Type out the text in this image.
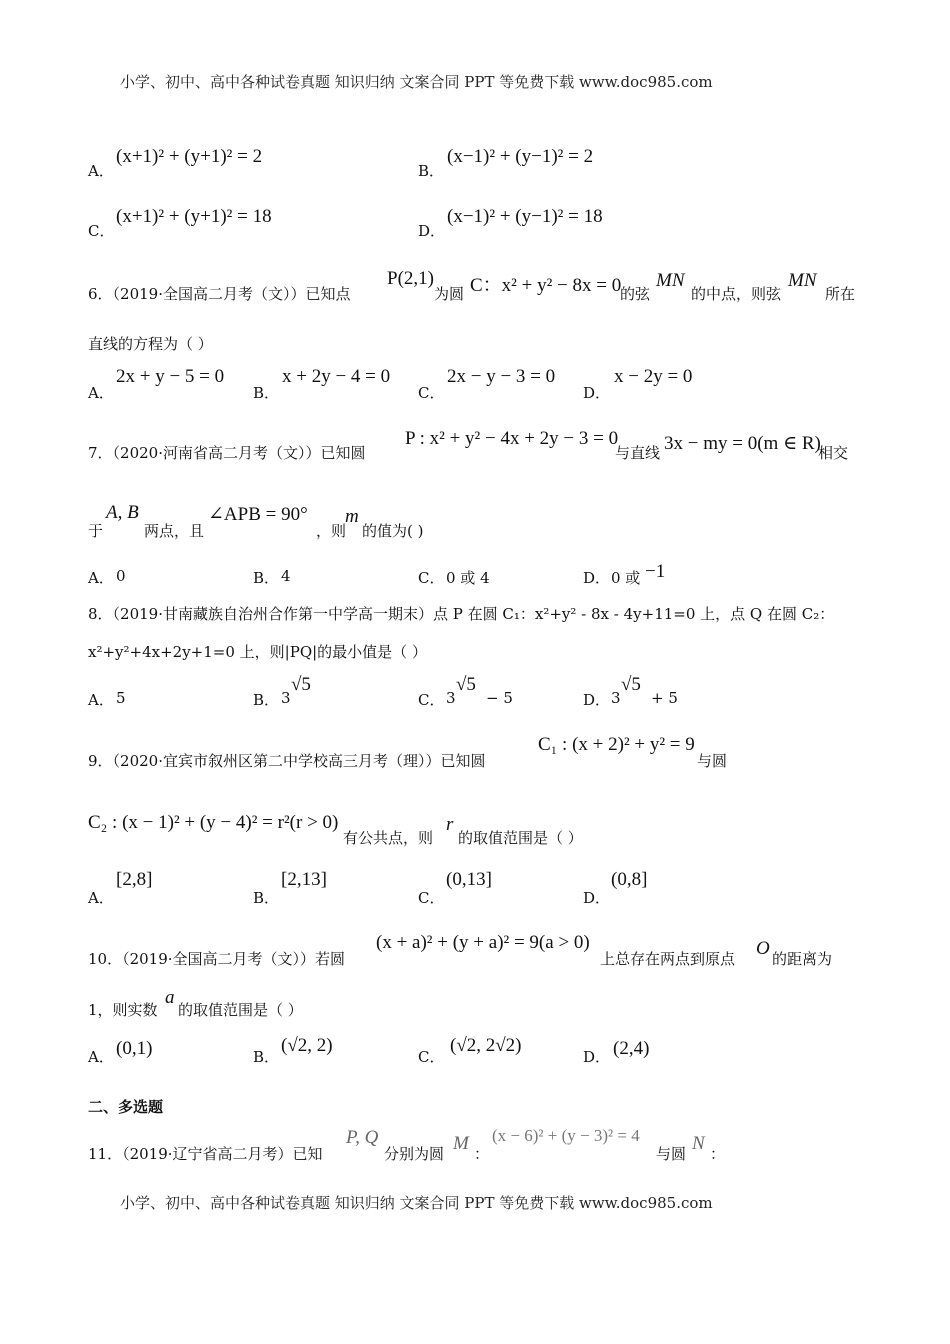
小学、初中、高中各种试卷真题 知识归纳 文案合同 PPT 等免费下载 www.doc985.com
A．
(x+1)² + (y+1)² = 2
B．
(x−1)² + (y−1)² = 2
C．
(x+1)² + (y+1)² = 18
D．
(x−1)² + (y−1)² = 18
6．（2019·全国高二月考（文））已知点
P(2,1)
为圆 C：x² + y² − 8x = 0
的弦
MN
的中点，则弦
MN
所在
直线的方程为（ ）
A．
2x + y − 5 = 0
B．
x + 2y − 4 = 0
C．
2x − y − 3 = 0
D．
x − 2y = 0
7．（2020·河南省高二月考（文））已知圆
P : x² + y² − 4x + 2y − 3 = 0
与直线 3x − my = 0(m ∈ R)
相交
于
A, B
两点，且
∠APB = 90°
，则
m
的值为( )
A． 0	B． 4	C． 0 或 4	D． 0 或 −1
8．（2019·甘南藏族自治州合作第一中学高一期末）点 P 在圆 C₁：x²+y² - 8x - 4y+11=0 上，点 Q 在圆 C₂：
x²+y²+4x+2y+1=0 上，则|PQ|的最小值是（ ）
A． 5	B． 3
√5
C． 3
√5
− 5	D． 3
√5
+ 5
9．（2020·宜宾市叙州区第二中学校高三月考（理））已知圆
C₁ : (x + 2)² + y² = 9
与圆
C₂ : (x − 1)² + (y − 4)² = r²(r > 0)
有公共点，则
r
的取值范围是（ ）
A．
[2,8]
B．
[2,13]
C．
(0,13]
D．
(0,8]
10．（2019·全国高二月考（文））若圆
(x + a)² + (y + a)² = 9(a > 0)
上总存在两点到原点 O 的距离为
1，则实数
a
的取值范围是（ ）
A． (0,1)	B．
(√2, 2)
C．
(√2, 2√2)
D． (2,4)
二、多选题
11．（2019·辽宁省高二月考）已知
P, Q
分别为圆 M ：
(x − 6)² + (y − 3)² = 4
与圆 N ：
小学、初中、高中各种试卷真题 知识归纳 文案合同 PPT 等免费下载 www.doc985.com
